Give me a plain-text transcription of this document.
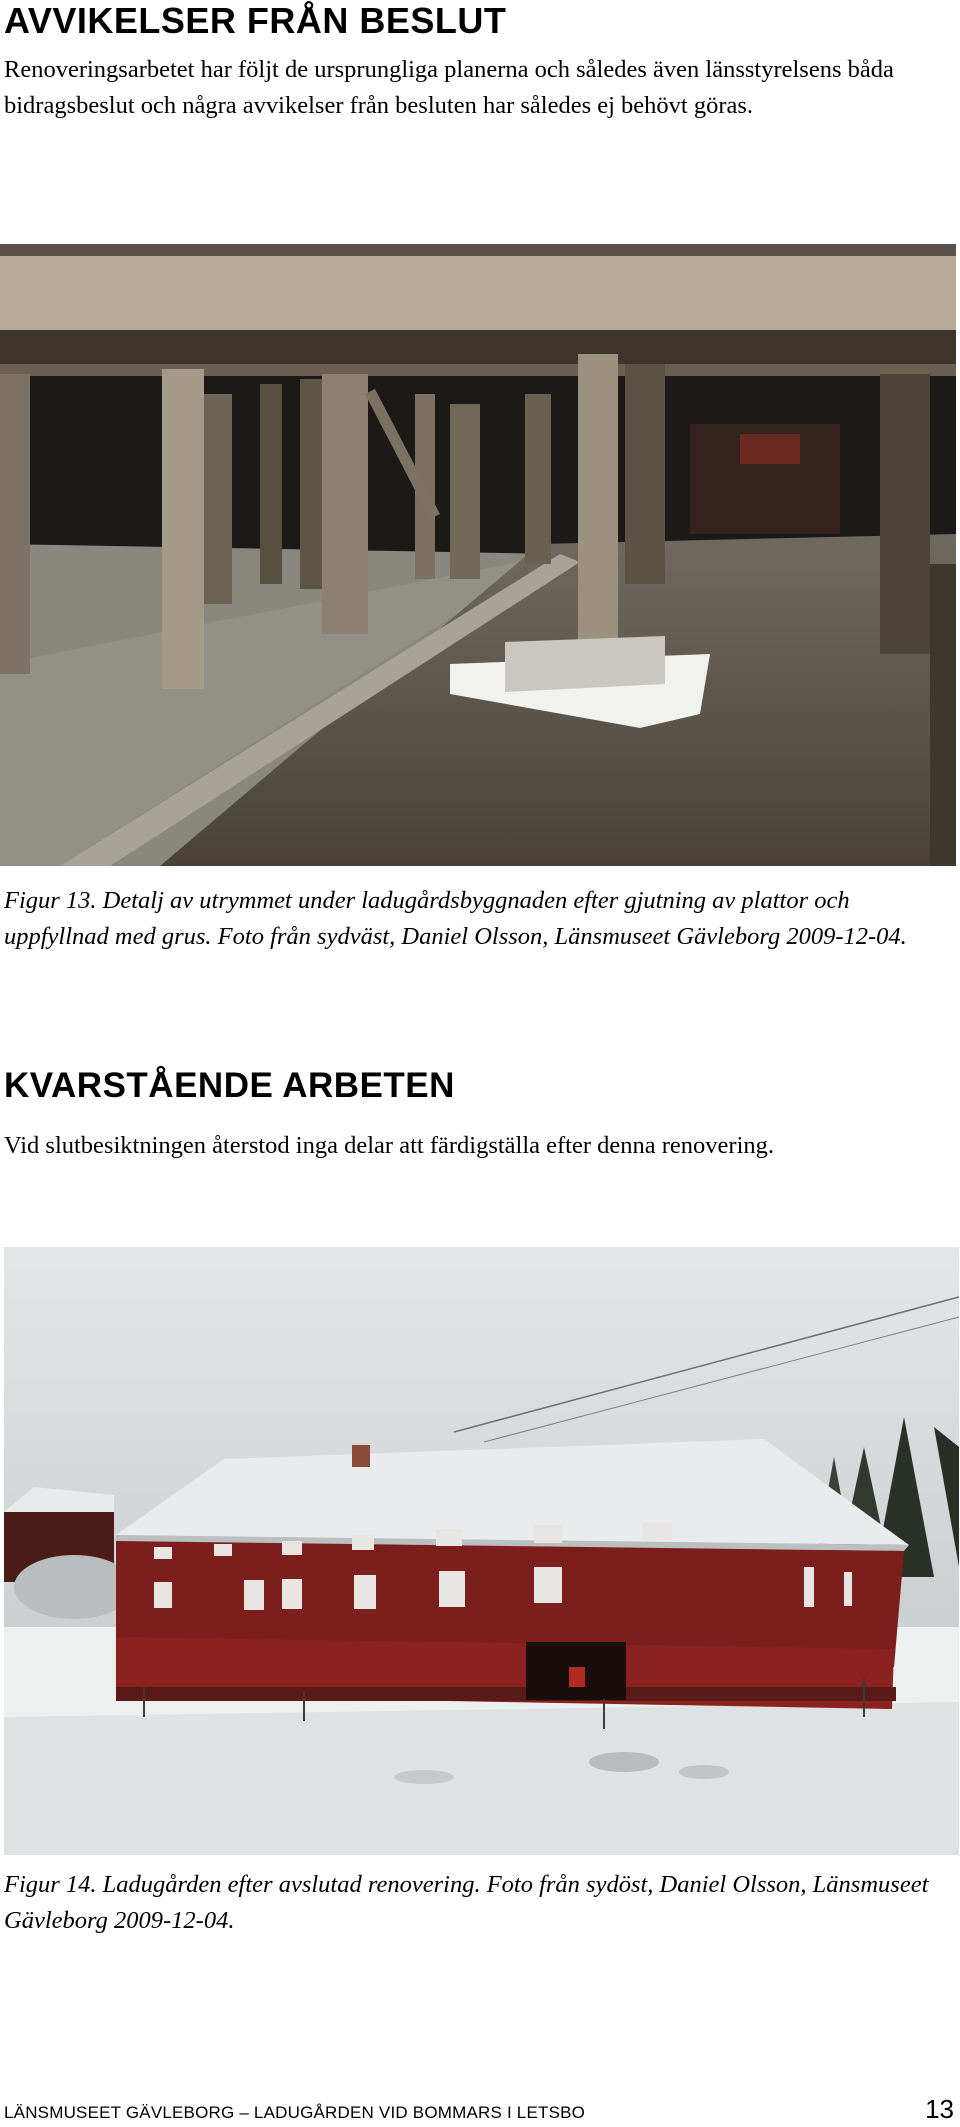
AVVIKELSER FRÅN BESLUT

Renoveringsarbetet har följt de ursprungliga planerna och således även länsstyrelsens båda bidragsbeslut och några avvikelser från besluten har således ej behövt göras.

Figur 13. Detalj av utrymmet under ladugårdsbyggnaden efter gjutning av plattor och uppfyllnad med grus. Foto från sydväst, Daniel Olsson, Länsmuseet Gävleborg 2009-12-04.

KVARSTÅENDE ARBETEN

Vid slutbesiktningen återstod inga delar att färdigställa efter denna renovering.

Figur 14. Ladugården efter avslutad renovering. Foto från sydöst, Daniel Olsson, Länsmuseet Gävleborg 2009-12-04.

LÄNSMUSEET GÄVLEBORG – LADUGÅRDEN VID BOMMARS I LETSBO	13
